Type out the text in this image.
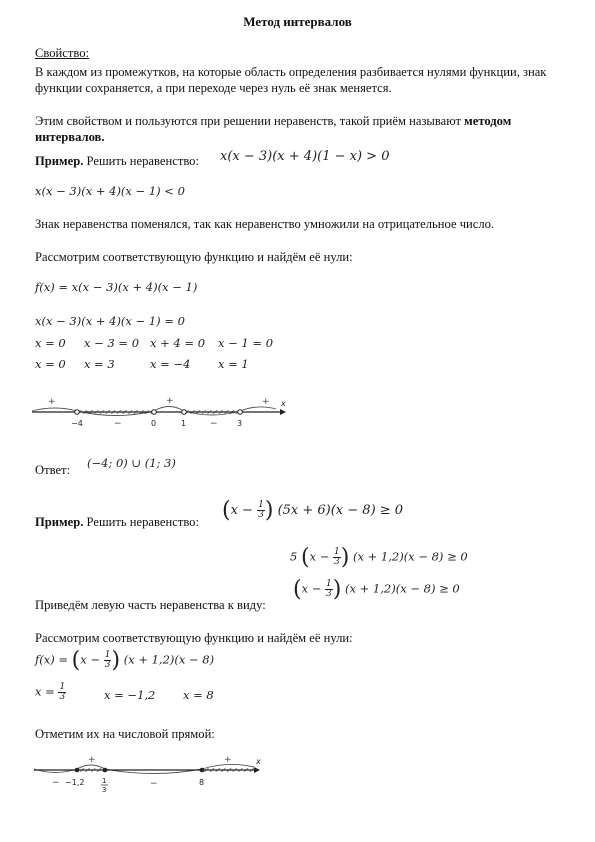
Метод интервалов
Свойство:
В каждом из промежутков, на которые область определения разбивается нулями функции, знак функции сохраняется, а при переходе через нуль её знак меняется.
Этим свойством и пользуются при решении неравенств, такой приём называют методом интервалов.
Пример. Решить неравенство: x(x − 3)(x + 4)(1 − x) > 0
x(x − 3)(x + 4)(x − 1) < 0
Знак неравенства поменялся, так как неравенство умножили на отрицательное число.
Рассмотрим соответствующую функцию и найдём её нули:
f(x) = x(x − 3)(x + 4)(x − 1)
x(x − 3)(x + 4)(x − 1) = 0
x = 0 x − 3 = 0 x + 4 = 0 x − 1 = 0
x = 0 x = 3	x = −4 x = 1
+
−
+
−
+
−4	0	1	3
x
Ответ: (−4; 0) ∪ (1; 3)
Пример. Решить неравенство: ($x - \frac{1}{3}$ ) (5x + 6)(x − 8) ≥ 0
5 ($x - \frac{1}{3}$ ) (x + 1,2)(x − 8) ≥ 0
($x - \frac{1}{3}$ ) (x + 1,2)(x − 8) ≥ 0
Приведём левую часть неравенства к виду:
Рассмотрим соответствующую функцию и найдём её нули:
$f(x) = (x - \frac{1}{3}$ ) (x + 1,2)(x − 8)
$x = \frac{1}{3}$	x = −1,2 x = 8
Отметим их на числовой прямой:
−
+
−
+
−1,2	1
3
8
x
